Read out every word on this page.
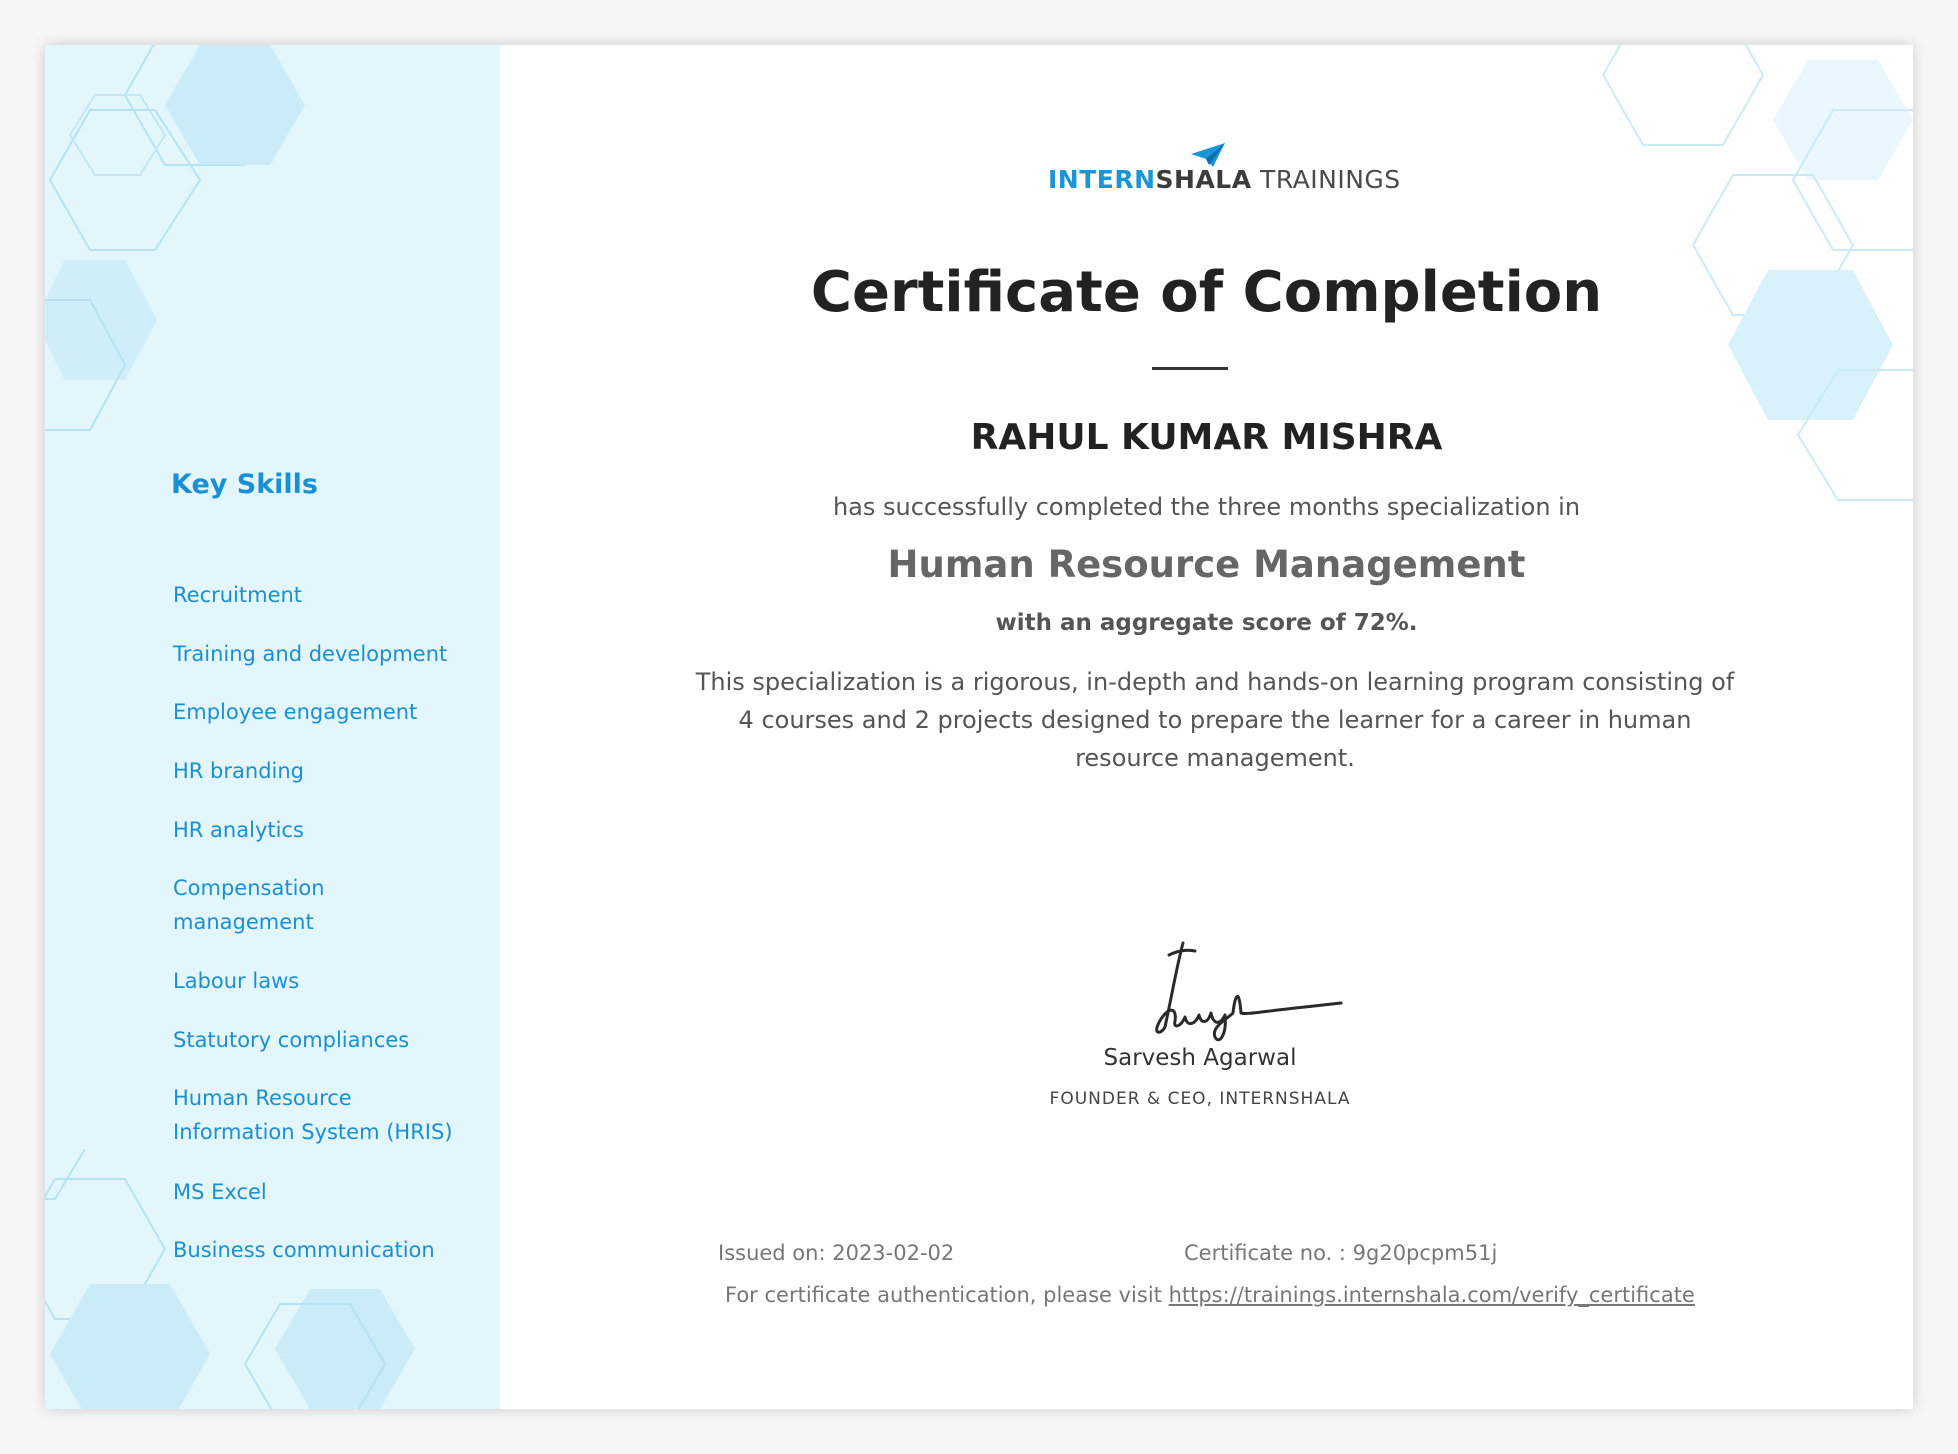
Key Skills
Recruitment
Training and development
Employee engagement
HR branding
HR analytics
Compensation management
Labour laws
Statutory compliances
Human Resource Information System (HRIS)
MS Excel
Business communication
INTERNSHALA TRAININGS
Certificate of Completion
RAHUL KUMAR MISHRA

has successfully completed the three months specialization in

Human Resource Management

with an aggregate score of 72%.

This specialization is a rigorous, in-depth and hands-on learning program consisting of 4 courses and 2 projects designed to prepare the learner for a career in human resource management.

Sarvesh Agarwal

FOUNDER & CEO, INTERNSHALA

Issued on: 2023-02-02	Certificate no. : 9g20pcpm51j

For certificate authentication, please visit https://trainings.internshala.com/verify_certificate
